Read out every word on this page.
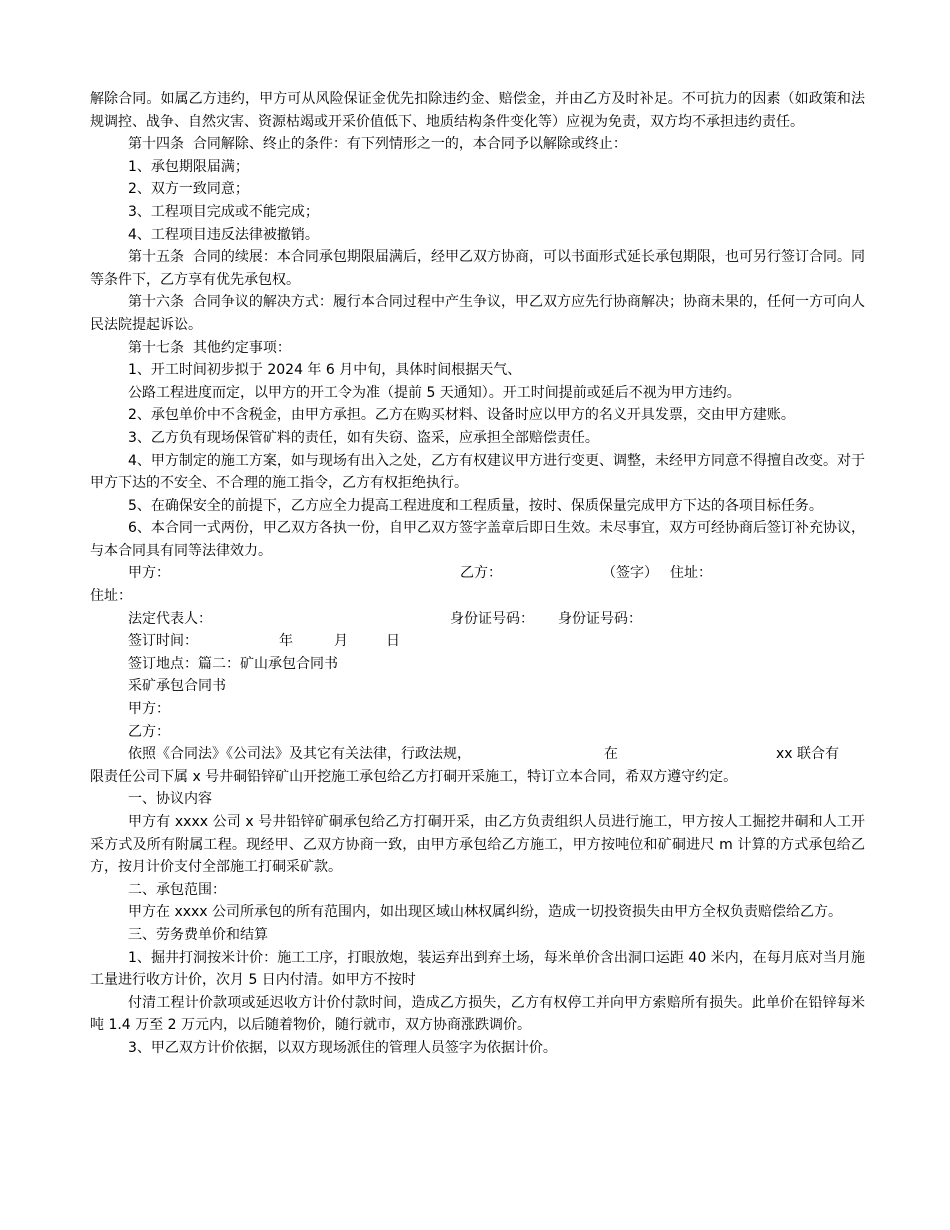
解除合同。如属乙方违约，甲方可从风险保证金优先扣除违约金、赔偿金，并由乙方及时补足。不可抗力的因素（如政策和法规调控、战争、自然灾害、资源枯竭或开采价值低下、地质结构条件变化等）应视为免责，双方均不承担违约责任。

第十四条  合同解除、终止的条件：有下列情形之一的，本合同予以解除或终止：

1、承包期限届满；

2、双方一致同意；

3、工程项目完成或不能完成；

4、工程项目违反法律被撤销。

第十五条  合同的续展：本合同承包期限届满后，经甲乙双方协商，可以书面形式延长承包期限，也可另行签订合同。同等条件下，乙方享有优先承包权。

第十六条  合同争议的解决方式：履行本合同过程中产生争议，甲乙双方应先行协商解决；协商未果的，任何一方可向人民法院提起诉讼。

第十七条  其他约定事项：

1、开工时间初步拟于 2024 年 6 月中旬，具体时间根据天气、

公路工程进度而定，以甲方的开工令为准（提前 5 天通知）。开工时间提前或延后不视为甲方违约。

2、承包单价中不含税金，由甲方承担。乙方在购买材料、设备时应以甲方的名义开具发票，交由甲方建账。

3、乙方负有现场保管矿料的责任，如有失窃、盗采，应承担全部赔偿责任。

4、甲方制定的施工方案，如与现场有出入之处，乙方有权建议甲方进行变更、调整，未经甲方同意不得擅自改变。对于甲方下达的不安全、不合理的施工指令，乙方有权拒绝执行。

5、在确保安全的前提下，乙方应全力提高工程进度和工程质量，按时、保质保量完成甲方下达的各项目标任务。

6、本合同一式两份，甲乙双方各执一份，自甲乙双方签字盖章后即日生效。未尽事宜，双方可经协商后签订补充协议，与本合同具有同等法律效力。

甲方：	乙方：	（签字） 住址：
住址：
法定代表人：	身份证号码：	身份证号码：
签订时间：	年	月	日

签订地点：篇二：矿山承包合同书

采矿承包合同书

甲方：

乙方：

依照《合同法》《公司法》及其它有关法律，行政法规，	在	xx 联合有

限责任公司下属 x 号井硐铅锌矿山开挖施工承包给乙方打硐开采施工，特订立本合同，希双方遵守约定。

一、协议内容

甲方有 xxxx 公司 x 号井铅锌矿硐承包给乙方打硐开采，由乙方负责组织人员进行施工，甲方按人工掘挖井硐和人工开采方式及所有附属工程。现经甲、乙双方协商一致，由甲方承包给乙方施工，甲方按吨位和矿硐进尺 m 计算的方式承包给乙方，按月计价支付全部施工打硐采矿款。

二、承包范围：

甲方在 xxxx 公司所承包的所有范围内，如出现区域山林权属纠纷，造成一切投资损失由甲方全权负责赔偿给乙方。

三、劳务费单价和结算

1、掘井打洞按米计价：施工工序，打眼放炮，装运弃出到弃土场，每米单价含出洞口运距 40 米内，在每月底对当月施工量进行收方计价，次月 5 日内付清。如甲方不按时

付清工程计价款项或延迟收方计价付款时间，造成乙方损失，乙方有权停工并向甲方索赔所有损失。此单价在铅锌每米吨 1.4 万至 2 万元内，以后随着物价，随行就市，双方协商涨跌调价。

3、甲乙双方计价依据，以双方现场派住的管理人员签字为依据计价。
